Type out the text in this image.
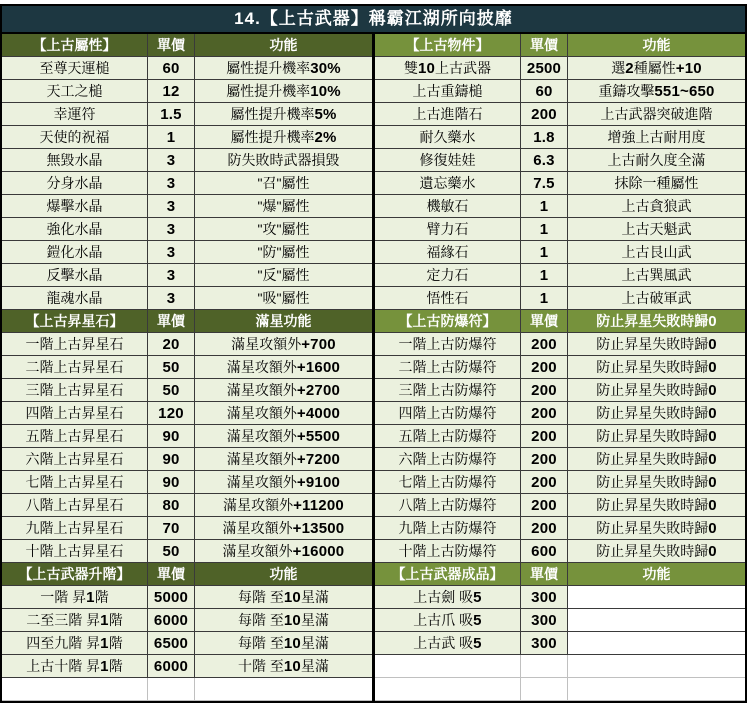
14.【上古武器】稱霸江湖所向披靡
【上古屬性】	單價	功能
至尊天運槌	60	屬性提升機率30%
天工之槌	12	屬性提升機率10%
幸運符	1.5	屬性提升機率5%
天使的祝福	1	屬性提升機率2%
無毀水晶	3	防失敗時武器損毀
分身水晶	3	"召"屬性
爆擊水晶	3	"爆"屬性
強化水晶	3	"攻"屬性
鎧化水晶	3	"防"屬性
反擊水晶	3	"反"屬性
龍魂水晶	3	"吸"屬性
【上古昇星石】	單價	滿星功能
一階上古昇星石	20	滿星攻額外+700
二階上古昇星石	50	滿星攻額外+1600
三階上古昇星石	50	滿星攻額外+2700
四階上古昇星石	120	滿星攻額外+4000
五階上古昇星石	90	滿星攻額外+5500
六階上古昇星石	90	滿星攻額外+7200
七階上古昇星石	90	滿星攻額外+9100
八階上古昇星石	80	滿星攻額外+11200
九階上古昇星石	70	滿星攻額外+13500
十階上古昇星石	50	滿星攻額外+16000
【上古武器升階】	單價	功能
一階 昇1階	5000	每階 至10星滿
二至三階 昇1階	6000	每階 至10星滿
四至九階 昇1階	6500	每階 至10星滿
上古十階 昇1階	6000	十階 至10星滿
【上古物件】	單價	功能
雙10上古武器	2500	選2種屬性+10
上古重鑄槌	60	重鑄攻擊551~650
上古進階石	200	上古武器突破進階
耐久藥水	1.8	增強上古耐用度
修復娃娃	6.3	上古耐久度全滿
遺忘藥水	7.5	抹除一種屬性
機敏石	1	上古貪狼武
臂力石	1	上古天魁武
福緣石	1	上古艮山武
定力石	1	上古巽風武
悟性石	1	上古破軍武
【上古防爆符】	單價	防止昇星失敗時歸0
一階上古防爆符	200	防止昇星失敗時歸0
二階上古防爆符	200	防止昇星失敗時歸0
三階上古防爆符	200	防止昇星失敗時歸0
四階上古防爆符	200	防止昇星失敗時歸0
五階上古防爆符	200	防止昇星失敗時歸0
六階上古防爆符	200	防止昇星失敗時歸0
七階上古防爆符	200	防止昇星失敗時歸0
八階上古防爆符	200	防止昇星失敗時歸0
九階上古防爆符	200	防止昇星失敗時歸0
十階上古防爆符	600	防止昇星失敗時歸0
【上古武器成品】	單價	功能
上古劍 吸5	300
上古爪 吸5	300
上古武 吸5	300
